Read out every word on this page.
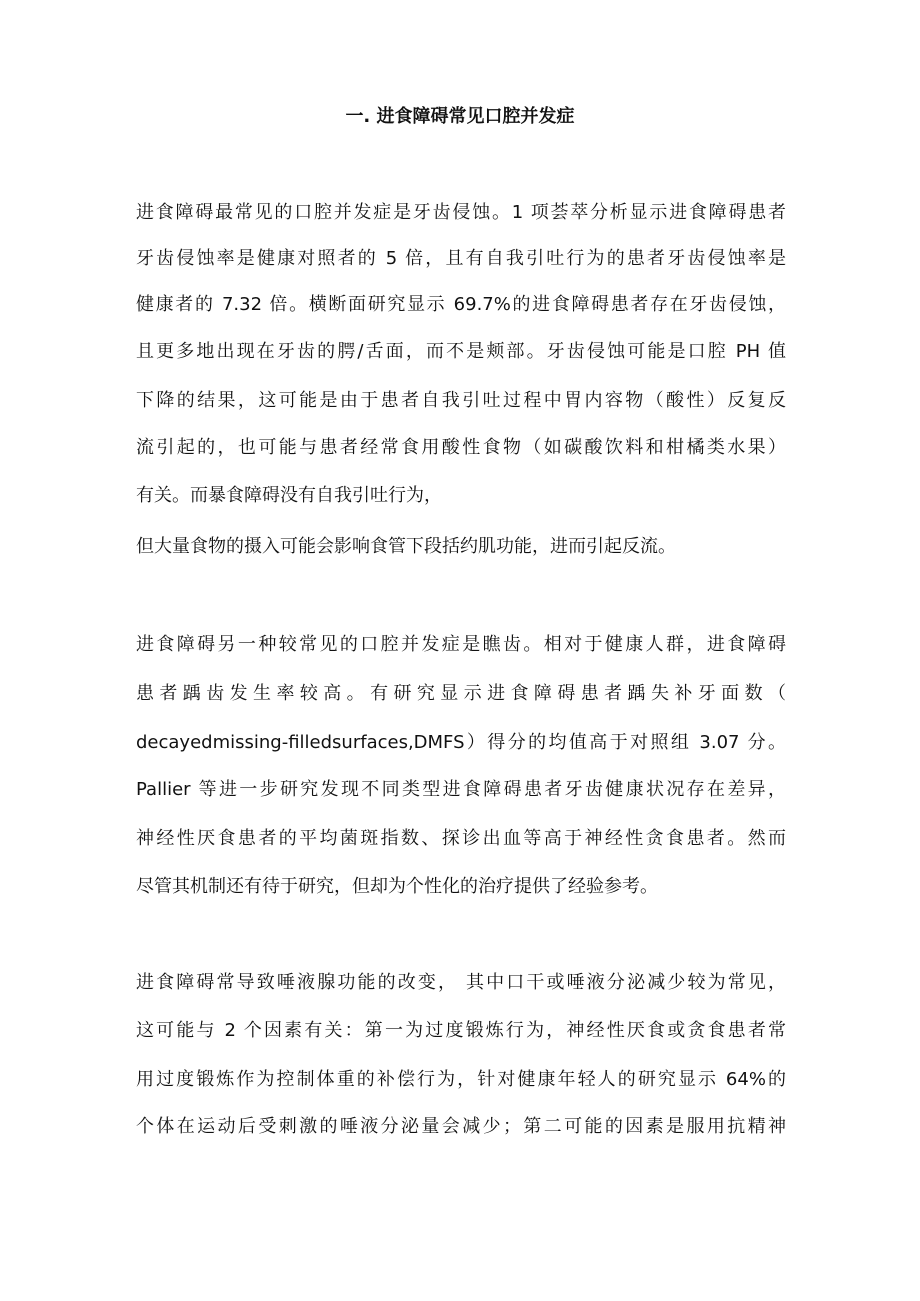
一. 进食障碍常见口腔并发症
进食障碍最常见的口腔并发症是牙齿侵蚀。1 项荟萃分析显示进食障碍患者
牙齿侵蚀率是健康对照者的 5 倍，且有自我引吐行为的患者牙齿侵蚀率是
健康者的 7.32 倍。横断面研究显示 69.7%的进食障碍患者存在牙齿侵蚀，
且更多地出现在牙齿的腭/舌面，而不是颊部。牙齿侵蚀可能是口腔 PH 值
下降的结果，这可能是由于患者自我引吐过程中胃内容物（酸性）反复反
流引起的，也可能与患者经常食用酸性食物（如碳酸饮料和柑橘类水果）
有关。而暴食障碍没有自我引吐行为，
但大量食物的摄入可能会影响食管下段括约肌功能，进而引起反流。
进食障碍另一种较常见的口腔并发症是瞧齿。相对于健康人群，进食障碍
患者踽齿发生率较高。有研究显示进食障碍患者踽失补牙面数（
decayedmissing-filledsurfaces,DMFS）得分的均值高于对照组 3.07 分。
Pallier 等进一步研究发现不同类型进食障碍患者牙齿健康状况存在差异，
神经性厌食患者的平均菌斑指数、探诊出血等高于神经性贪食患者。然而
尽管其机制还有待于研究，但却为个性化的治疗提供了经验参考。
进食障碍常导致唾液腺功能的改变， 其中口干或唾液分泌减少较为常见，
这可能与 2 个因素有关：第一为过度锻炼行为，神经性厌食或贪食患者常
用过度锻炼作为控制体重的补偿行为，针对健康年轻人的研究显示 64%的
个体在运动后受刺激的唾液分泌量会减少；第二可能的因素是服用抗精神
